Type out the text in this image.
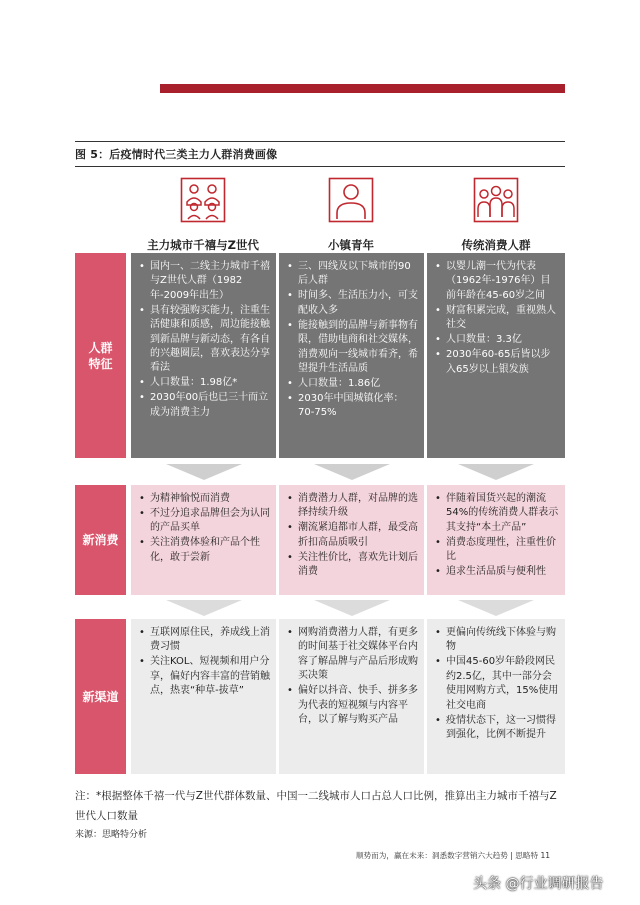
图 5：后疫情时代三类主力人群消费画像
主力城市千禧与Z世代	小镇青年	传统消费人群
人群
特征
• 国内一、二线主力城市千禧与Z世代人群（1982年-2009年出生）
• 具有较强购买能力，注重生活健康和质感，周边能接触到新品牌与新动态，有各自的兴趣圈层，喜欢表达分享看法
• 人口数量：1.98亿*
• 2030年00后也已三十而立成为消费主力
• 三、四线及以下城市的90后人群
• 时间多、生活压力小，可支配收入多
• 能接触到的品牌与新事物有限，借助电商和社交媒体，消费观向一线城市看齐，希望提升生活品质
• 人口数量：1.86亿
• 2030年中国城镇化率：70-75%
• 以婴儿潮一代为代表（1962年-1976年）目前年龄在45-60岁之间
• 财富积累完成，重视熟人社交
• 人口数量：3.3亿
• 2030年60-65后皆以步入65岁以上银发族
新消费
• 为精神愉悦而消费
• 不过分追求品牌但会为认同的产品买单
• 关注消费体验和产品个性化，敢于尝新
• 消费潜力人群，对品牌的选择持续升级
• 潮流紧追都市人群，最受高折扣高品质吸引
• 关注性价比，喜欢先计划后消费
• 伴随着国货兴起的潮流54%的传统消费人群表示其支持“本土产品”
• 消费态度理性，注重性价比
• 追求生活品质与便利性
新渠道
• 互联网原住民，养成线上消费习惯
• 关注KOL、短视频和用户分享，偏好内容丰富的营销触点，热衷“种草-拔草”
• 网购消费潜力人群，有更多的时间基于社交媒体平台内容了解品牌与产品后形成购买决策
• 偏好以抖音、快手、拼多多为代表的短视频与内容平台，以了解与购买产品
• 更偏向传统线下体验与购物
• 中国45-60岁年龄段网民约2.5亿，其中一部分会使用网购方式，15%使用社交电商
• 疫情状态下，这一习惯得到强化，比例不断提升
注：*根据整体千禧一代与Z世代群体数量、中国一二线城市人口占总人口比例，推算出主力城市千禧与Z世代人口数量
来源：思略特分析
顺势而为，赢在未来：洞悉数字营销六大趋势 | 思略特 11
头条 @行业调研报告
